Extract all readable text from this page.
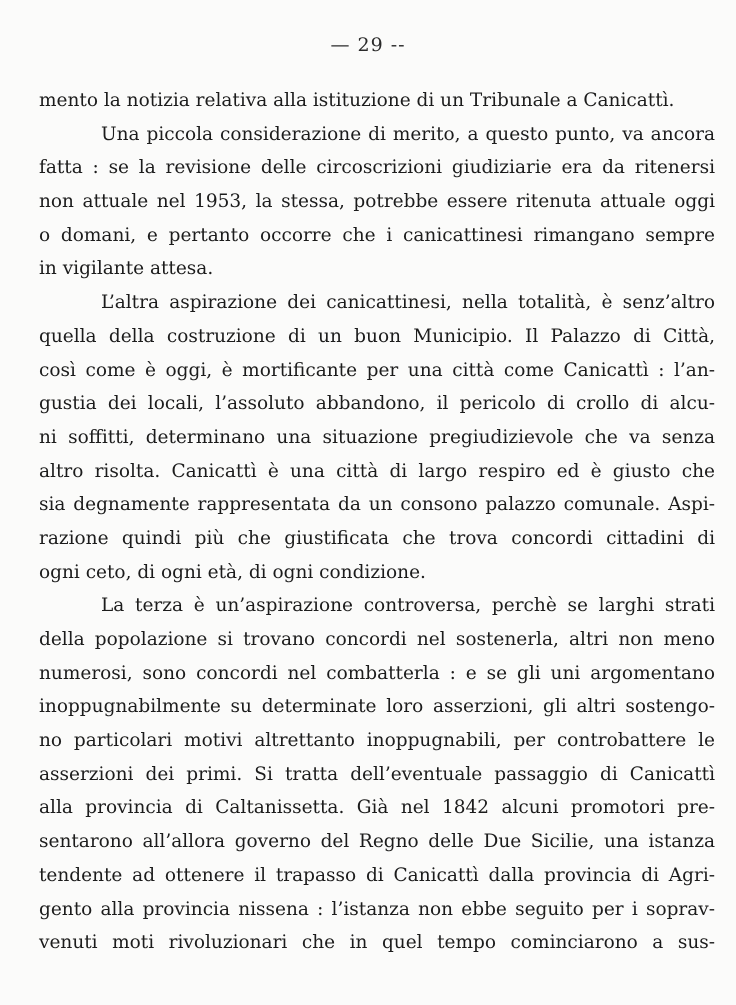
— 29 --
mento la notizia relativa alla istituzione di un Tribunale a Canicattì.
Una piccola considerazione di merito, a questo punto, va ancora
fatta : se la revisione delle circoscrizioni giudiziarie era da ritenersi
non attuale nel 1953, la stessa, potrebbe essere ritenuta attuale oggi
o domani, e pertanto occorre che i canicattinesi rimangano sempre
in vigilante attesa.
L’altra aspirazione dei canicattinesi, nella totalità, è senz’altro
quella della costruzione di un buon Municipio. Il Palazzo di Città,
così come è oggi, è mortificante per una città come Canicattì : l’an-
gustia dei locali, l’assoluto abbandono, il pericolo di crollo di alcu-
ni soffitti, determinano una situazione pregiudizievole che va senza
altro risolta. Canicattì è una città di largo respiro ed è giusto che
sia degnamente rappresentata da un consono palazzo comunale. Aspi-
razione quindi più che giustificata che trova concordi cittadini di
ogni ceto, di ogni età, di ogni condizione.
La terza è un’aspirazione controversa, perchè se larghi strati
della popolazione si trovano concordi nel sostenerla, altri non meno
numerosi, sono concordi nel combatterla : e se gli uni argomentano
inoppugnabilmente su determinate loro asserzioni, gli altri sostengo-
no particolari motivi altrettanto inoppugnabili, per controbattere le
asserzioni dei primi. Si tratta dell’eventuale passaggio di Canicattì
alla provincia di Caltanissetta. Già nel 1842 alcuni promotori pre-
sentarono all’allora governo del Regno delle Due Sicilie, una istanza
tendente ad ottenere il trapasso di Canicattì dalla provincia di Agri-
gento alla provincia nissena : l’istanza non ebbe seguito per i soprav-
venuti moti rivoluzionari che in quel tempo cominciarono a sus-
